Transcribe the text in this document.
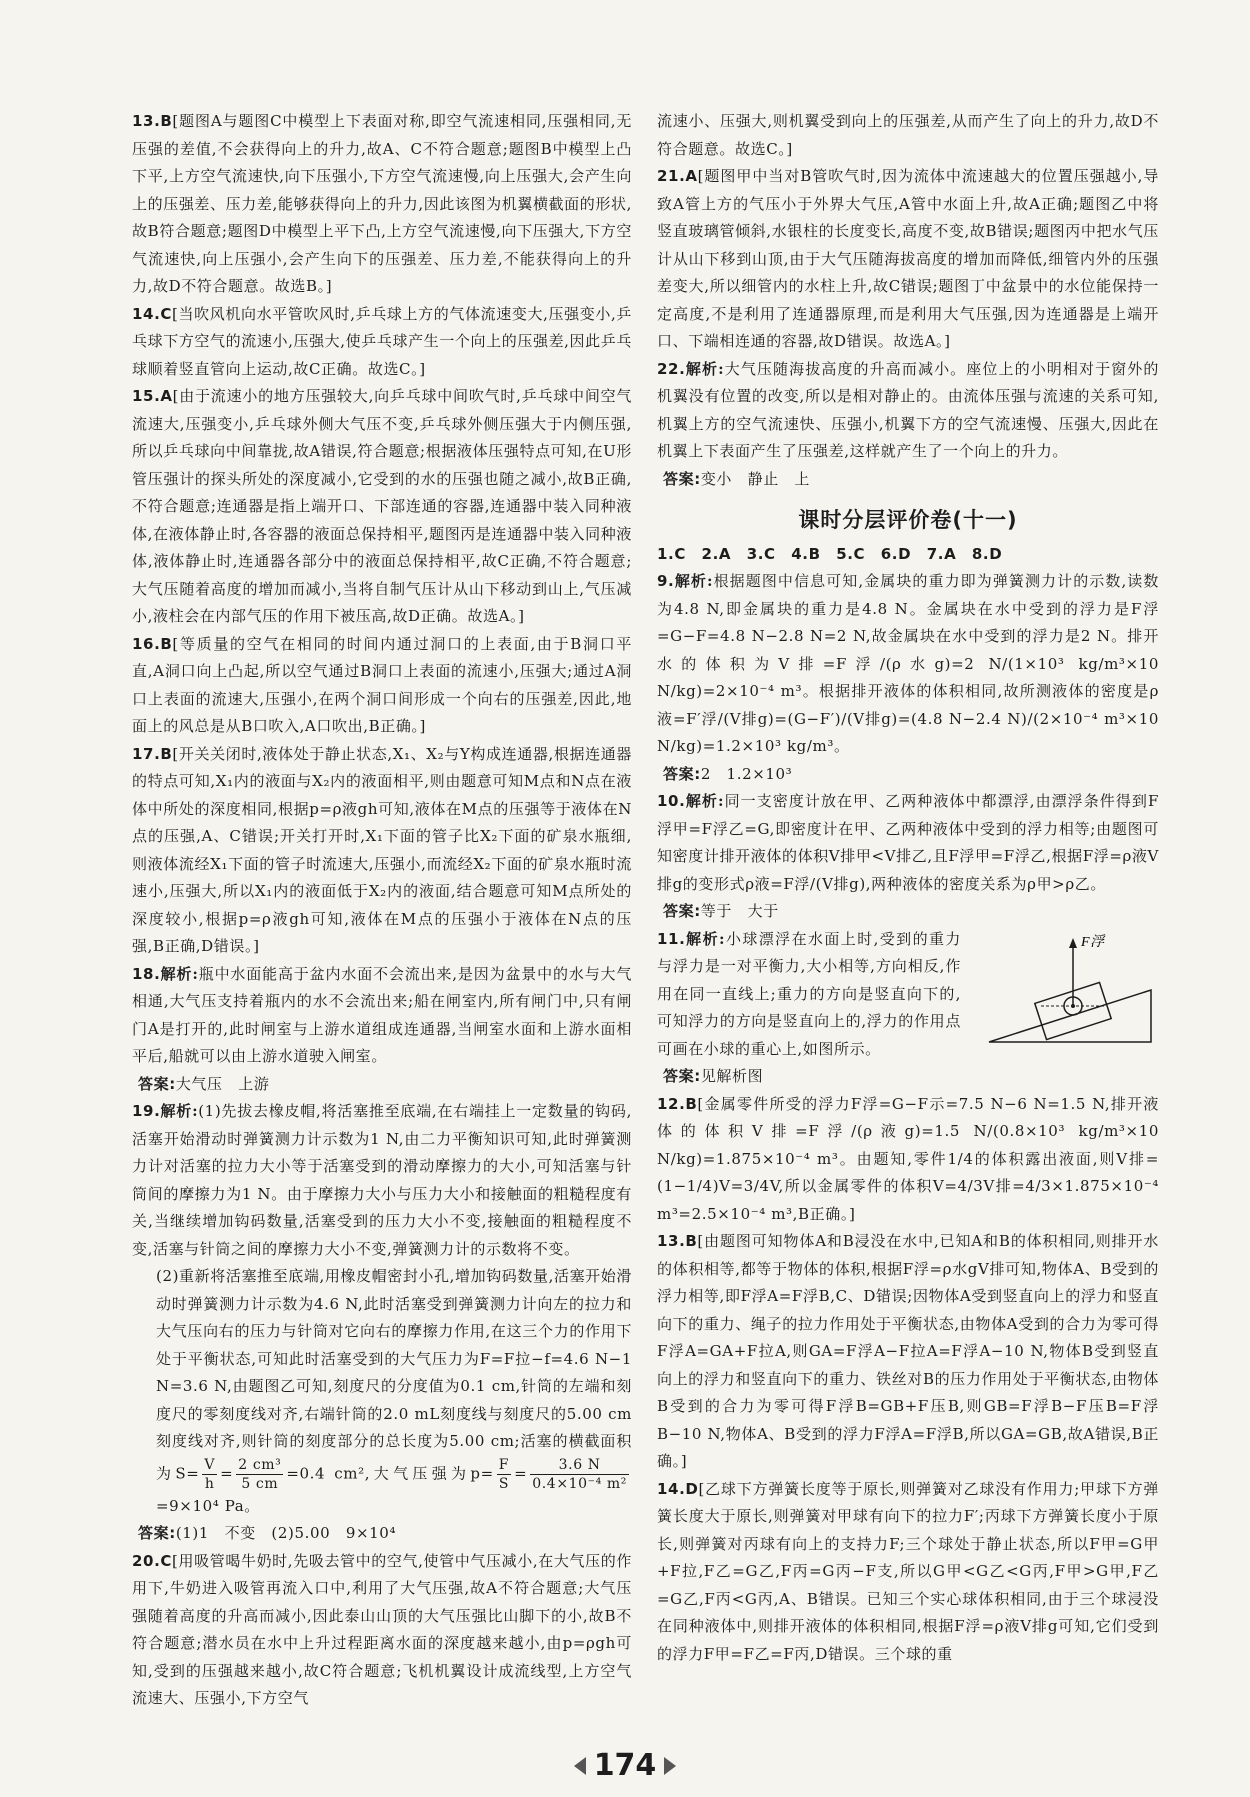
13.B[题图A与题图C中模型上下表面对称,即空气流速相同,压强相同,无压强的差值,不会获得向上的升力,故A、C不符合题意;题图B中模型上凸下平,上方空气流速快,向下压强小,下方空气流速慢,向上压强大,会产生向上的压强差、压力差,能够获得向上的升力,因此该图为机翼横截面的形状,故B符合题意;题图D中模型上平下凸,上方空气流速慢,向下压强大,下方空气流速快,向上压强小,会产生向下的压强差、压力差,不能获得向上的升力,故D不符合题意。故选B。]
14.C[当吹风机向水平管吹风时,乒乓球上方的气体流速变大,压强变小,乒乓球下方空气的流速小,压强大,使乒乓球产生一个向上的压强差,因此乒乓球顺着竖直管向上运动,故C正确。故选C。]
15.A[由于流速小的地方压强较大,向乒乓球中间吹气时,乒乓球中间空气流速大,压强变小,乒乓球外侧大气压不变,乒乓球外侧压强大于内侧压强,所以乒乓球向中间靠拢,故A错误,符合题意;根据液体压强特点可知,在U形管压强计的探头所处的深度减小,它受到的水的压强也随之减小,故B正确,不符合题意;连通器是指上端开口、下部连通的容器,连通器中装入同种液体,在液体静止时,各容器的液面总保持相平,题图丙是连通器中装入同种液体,液体静止时,连通器各部分中的液面总保持相平,故C正确,不符合题意;大气压随着高度的增加而减小,当将自制气压计从山下移动到山上,气压减小,液柱会在内部气压的作用下被压高,故D正确。故选A。]
16.B[等质量的空气在相同的时间内通过洞口的上表面,由于B洞口平直,A洞口向上凸起,所以空气通过B洞口上表面的流速小,压强大;通过A洞口上表面的流速大,压强小,在两个洞口间形成一个向右的压强差,因此,地面上的风总是从B口吹入,A口吹出,B正确。]
17.B[开关关闭时,液体处于静止状态,X₁、X₂与Y构成连通器,根据连通器的特点可知,X₁内的液面与X₂内的液面相平,则由题意可知M点和N点在液体中所处的深度相同,根据p=ρ液gh可知,液体在M点的压强等于液体在N点的压强,A、C错误;开关打开时,X₁下面的管子比X₂下面的矿泉水瓶细,则液体流经X₁下面的管子时流速大,压强小,而流经X₂下面的矿泉水瓶时流速小,压强大,所以X₁内的液面低于X₂内的液面,结合题意可知M点所处的深度较小,根据p=ρ液gh可知,液体在M点的压强小于液体在N点的压强,B正确,D错误。]
18.解析:瓶中水面能高于盆内水面不会流出来,是因为盆景中的水与大气相通,大气压支持着瓶内的水不会流出来;船在闸室内,所有闸门中,只有闸门A是打开的,此时闸室与上游水道组成连通器,当闸室水面和上游水面相平后,船就可以由上游水道驶入闸室。
答案:大气压　上游
19.解析:(1)先拔去橡皮帽,将活塞推至底端,在右端挂上一定数量的钩码,活塞开始滑动时弹簧测力计示数为1 N,由二力平衡知识可知,此时弹簧测力计对活塞的拉力大小等于活塞受到的滑动摩擦力的大小,可知活塞与针筒间的摩擦力为1 N。由于摩擦力大小与压力大小和接触面的粗糙程度有关,当继续增加钩码数量,活塞受到的压力大小不变,接触面的粗糙程度不变,活塞与针筒之间的摩擦力大小不变,弹簧测力计的示数将不变。
(2)重新将活塞推至底端,用橡皮帽密封小孔,增加钩码数量,活塞开始滑动时弹簧测力计示数为4.6 N,此时活塞受到弹簧测力计向左的拉力和大气压向右的压力与针筒对它向右的摩擦力作用,在这三个力的作用下处于平衡状态,可知此时活塞受到的大气压力为F=F拉−f=4.6 N−1 N=3.6 N,由题图乙可知,刻度尺的分度值为0.1 cm,针筒的左端和刻度尺的零刻度线对齐,右端针筒的2.0 mL刻度线与刻度尺的5.00 cm刻度线对齐,则针筒的刻度部分的总长度为5.00 cm;活塞的横截面积为$S= \frac{V}{h} = \frac{\text{2 cm³}}{5 cm} =0.4$ cm²,大气压强为$p= \frac{F}{S} = \frac{3.6 N}{\text{0.4×10⁻⁴ m²}}$
=9×10⁴ Pa。
答案:(1)1　不变　(2)5.00　9×10⁴
20.C[用吸管喝牛奶时,先吸去管中的空气,使管中气压减小,在大气压的作用下,牛奶进入吸管再流入口中,利用了大气压强,故A不符合题意;大气压强随着高度的升高而减小,因此泰山山顶的大气压强比山脚下的小,故B不符合题意;潜水员在水中上升过程距离水面的深度越来越小,由p=ρgh可知,受到的压强越来越小,故C符合题意;飞机机翼设计成流线型,上方空气流速大、压强小,下方空气
流速小、压强大,则机翼受到向上的压强差,从而产生了向上的升力,故D不符合题意。故选C。]
21.A[题图甲中当对B管吹气时,因为流体中流速越大的位置压强越小,导致A管上方的气压小于外界大气压,A管中水面上升,故A正确;题图乙中将竖直玻璃管倾斜,水银柱的长度变长,高度不变,故B错误;题图丙中把水气压计从山下移到山顶,由于大气压随海拔高度的增加而降低,细管内外的压强差变大,所以细管内的水柱上升,故C错误;题图丁中盆景中的水位能保持一定高度,不是利用了连通器原理,而是利用大气压强,因为连通器是上端开口、下端相连通的容器,故D错误。故选A。]
22.解析:大气压随海拔高度的升高而减小。座位上的小明相对于窗外的机翼没有位置的改变,所以是相对静止的。由流体压强与流速的关系可知,机翼上方的空气流速快、压强小,机翼下方的空气流速慢、压强大,因此在机翼上下表面产生了压强差,这样就产生了一个向上的升力。
答案:变小　静止　上
课时分层评价卷(十一)
1.C　2.A　3.C　4.B　5.C　6.D　7.A　8.D
9.解析:根据题图中信息可知,金属块的重力即为弹簧测力计的示数,读数为4.8 N,即金属块的重力是4.8 N。金属块在水中受到的浮力是F浮=G−F=4.8 N−2.8 N=2 N,故金属块在水中受到的浮力是2 N。排开水的体积为V排=F浮/(ρ水g)=2 N/(1×10³ kg/m³×10 N/kg)=2×10⁻⁴ m³。根据排开液体的体积相同,故所测液体的密度是ρ液=F′浮/(V排g)=(G−F′)/(V排g)=(4.8 N−2.4 N)/(2×10⁻⁴ m³×10 N/kg)=1.2×10³ kg/m³。
答案:2　1.2×10³
10.解析:同一支密度计放在甲、乙两种液体中都漂浮,由漂浮条件得到F浮甲=F浮乙=G,即密度计在甲、乙两种液体中受到的浮力相等;由题图可知密度计排开液体的体积V排甲<V排乙,且F浮甲=F浮乙,根据F浮=ρ液V排g的变形式ρ液=F浮/(V排g),两种液体的密度关系为ρ甲>ρ乙。
答案:等于　大于
F浮
11.解析:小球漂浮在水面上时,受到的重力与浮力是一对平衡力,大小相等,方向相反,作用在同一直线上;重力的方向是竖直向下的,可知浮力的方向是竖直向上的,浮力的作用点可画在小球的重心上,如图所示。
答案:见解析图
12.B[金属零件所受的浮力F浮=G−F示=7.5 N−6 N=1.5 N,排开液体的体积V排=F浮/(ρ液g)=1.5 N/(0.8×10³ kg/m³×10 N/kg)=1.875×10⁻⁴ m³。由题知,零件1/4的体积露出液面,则V排=(1−1/4)V=3/4V,所以金属零件的体积V=4/3V排=4/3×1.875×10⁻⁴ m³=2.5×10⁻⁴ m³,B正确。]
13.B[由题图可知物体A和B浸没在水中,已知A和B的体积相同,则排开水的体积相等,都等于物体的体积,根据F浮=ρ水gV排可知,物体A、B受到的浮力相等,即F浮A=F浮B,C、D错误;因物体A受到竖直向上的浮力和竖直向下的重力、绳子的拉力作用处于平衡状态,由物体A受到的合力为零可得F浮A=GA+F拉A,则GA=F浮A−F拉A=F浮A−10 N,物体B受到竖直向上的浮力和竖直向下的重力、铁丝对B的压力作用处于平衡状态,由物体B受到的合力为零可得F浮B=GB+F压B,则GB=F浮B−F压B=F浮B−10 N,物体A、B受到的浮力F浮A=F浮B,所以GA=GB,故A错误,B正确。]
14.D[乙球下方弹簧长度等于原长,则弹簧对乙球没有作用力;甲球下方弹簧长度大于原长,则弹簧对甲球有向下的拉力F′;丙球下方弹簧长度小于原长,则弹簧对丙球有向上的支持力F;三个球处于静止状态,所以F甲=G甲+F拉,F乙=G乙,F丙=G丙−F支,所以G甲<G乙<G丙,F甲>G甲,F乙=G乙,F丙<G丙,A、B错误。已知三个实心球体积相同,由于三个球浸没在同种液体中,则排开液体的体积相同,根据F浮=ρ液V排g可知,它们受到的浮力F甲=F乙=F丙,D错误。三个球的重
174
